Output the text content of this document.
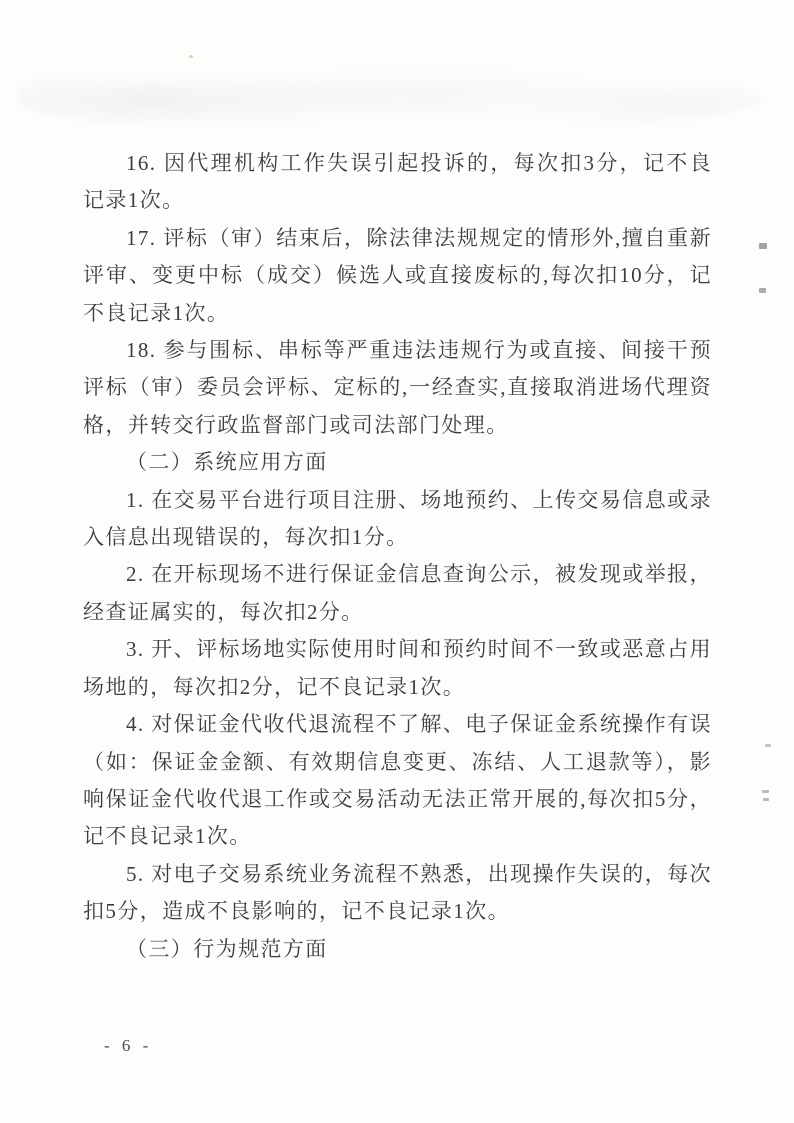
16. 因代理机构工作失误引起投诉的，每次扣3分，记不良记录1次。

17. 评标（审）结束后，除法律法规规定的情形外,擅自重新评审、变更中标（成交）候选人或直接废标的,每次扣10分，记不良记录1次。

18. 参与围标、串标等严重违法违规行为或直接、间接干预评标（审）委员会评标、定标的,一经查实,直接取消进场代理资格，并转交行政监督部门或司法部门处理。

（二）系统应用方面

1. 在交易平台进行项目注册、场地预约、上传交易信息或录入信息出现错误的，每次扣1分。

2. 在开标现场不进行保证金信息查询公示，被发现或举报，经查证属实的，每次扣2分。

3. 开、评标场地实际使用时间和预约时间不一致或恶意占用场地的，每次扣2分，记不良记录1次。

4. 对保证金代收代退流程不了解、电子保证金系统操作有误（如：保证金金额、有效期信息变更、冻结、人工退款等），影响保证金代收代退工作或交易活动无法正常开展的,每次扣5分，记不良记录1次。

5. 对电子交易系统业务流程不熟悉，出现操作失误的，每次扣5分，造成不良影响的，记不良记录1次。

（三）行为规范方面

- 6 -
